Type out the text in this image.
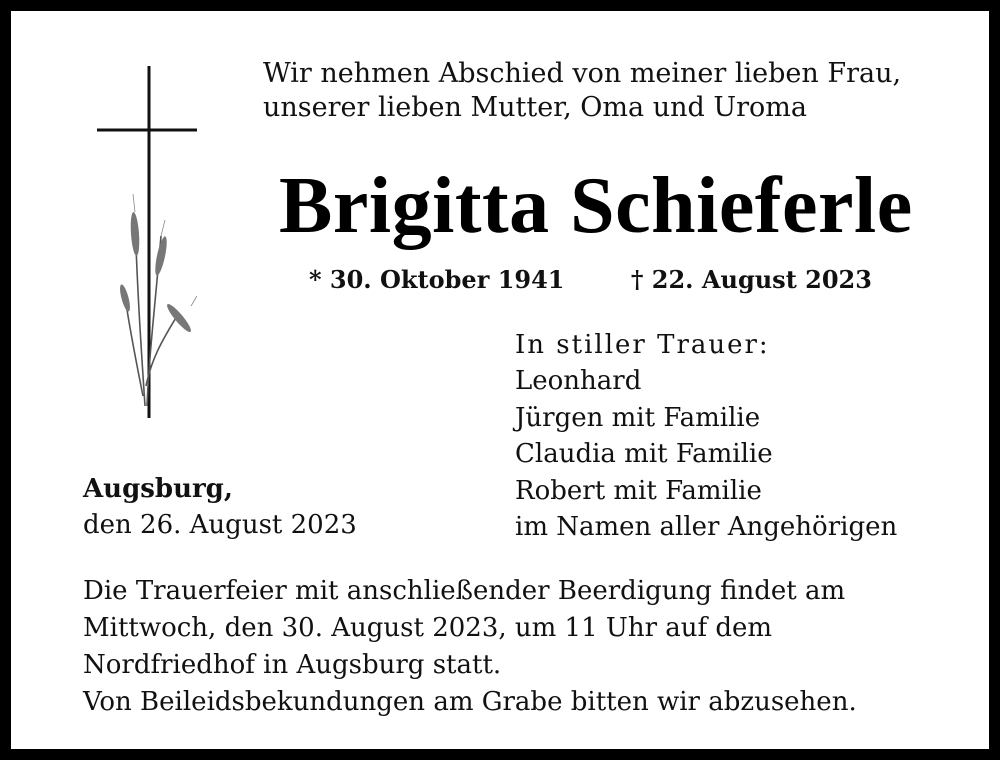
Wir nehmen Abschied von meiner lieben Frau,
unserer lieben Mutter, Oma und Uroma
Brigitta Schieferle
* 30. Oktober 1941	† 22. August 2023
In stiller Trauer:
Leonhard
Jürgen mit Familie
Claudia mit Familie
Robert mit Familie
im Namen aller Angehörigen
Augsburg,
den 26. August 2023
Die Trauerfeier mit anschließender Beerdigung findet am
Mittwoch, den 30. August 2023, um 11 Uhr auf dem
Nordfriedhof in Augsburg statt.
Von Beileidsbekundungen am Grabe bitten wir abzusehen.
